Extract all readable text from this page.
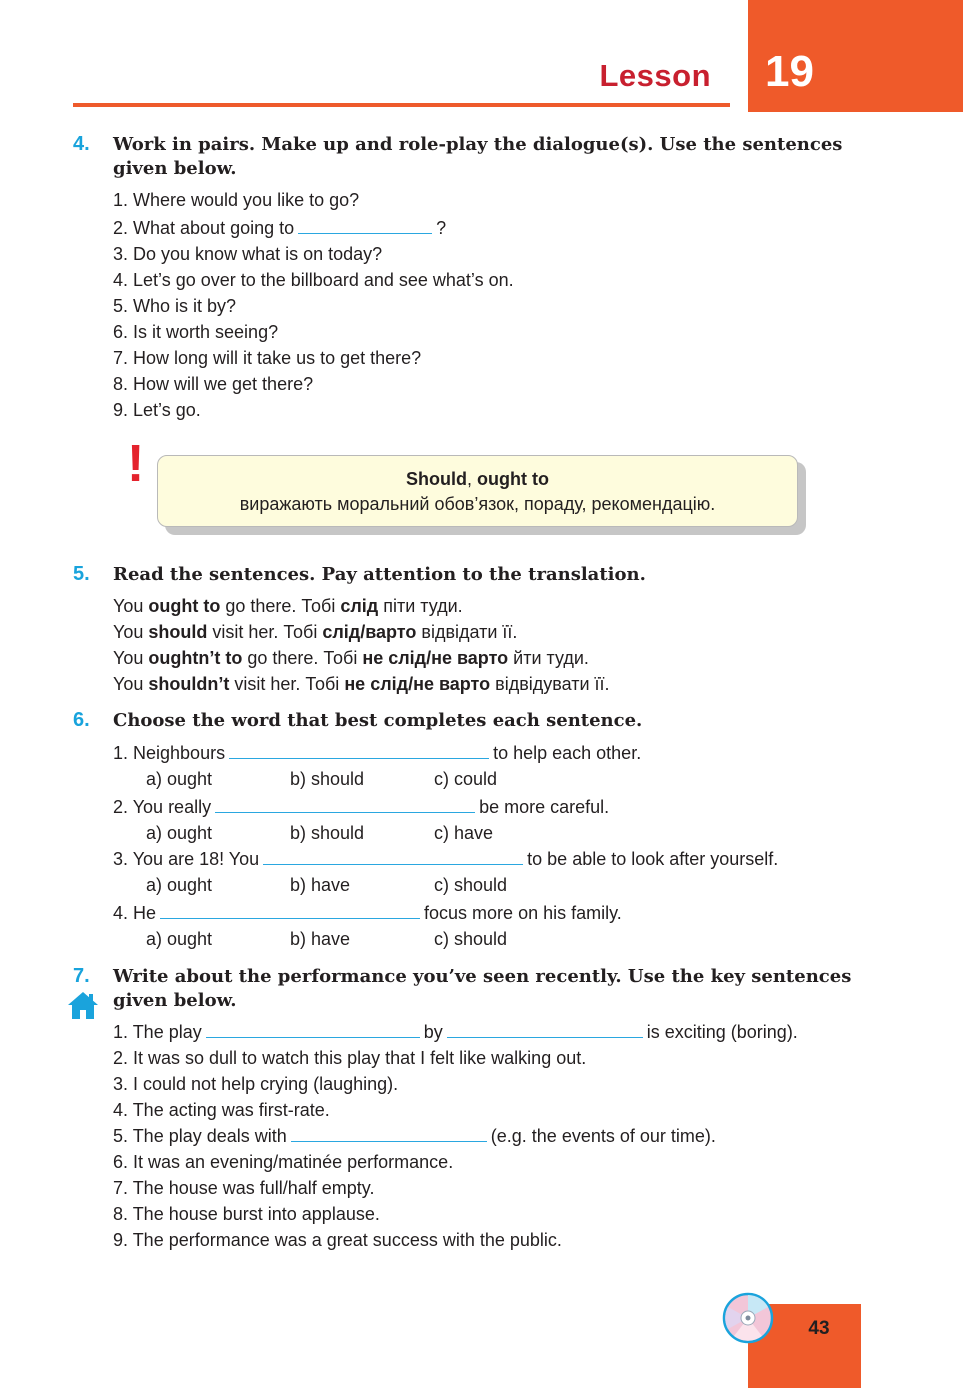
Lesson 19
4. Work in pairs. Make up and role-play the dialogue(s). Use the sentences
given below.
1. Where would you like to go?
2. What about going to	?
3. Do you know what is on today?
4. Let’s go over to the billboard and see what’s on.
5. Who is it by?
6. Is it worth seeing?
7. How long will it take us to get there?
8. How will we get there?
9. Let’s go.
!	Should, ought to
виражають моральний обов’язок, пораду, рекомендацію.
5. Read the sentences. Pay attention to the translation.
You ought to go there. Тобі слід піти туди.
You should visit her. Тобі слід/варто відвідати її.
You oughtn’t to go there. Тобі не слід/не варто йти туди.
You shouldn’t visit her. Тобі не слід/не варто відвідувати її.
6. Choose the word that best completes each sentence.
1. Neighbours	to help each other.
a) ought	b) should	c) could
2. You really	be more careful.
a) ought	b) should	c) have
3. You are 18! You	to be able to look after yourself.
a) ought	b) have	c) should
4. He	focus more on his family.
a) ought	b) have	c) should
7. Write about the performance you’ve seen recently. Use the key sentences
given below.
1. The play	by	is exciting (boring).
2. It was so dull to watch this play that I felt like walking out.
3. I could not help crying (laughing).
4. The acting was first-rate.
5. The play deals with	(e.g. the events of our time).
6. It was an evening/matinée performance.
7. The house was full/half empty.
8. The house burst into applause.
9. The performance was a great success with the public.
43
